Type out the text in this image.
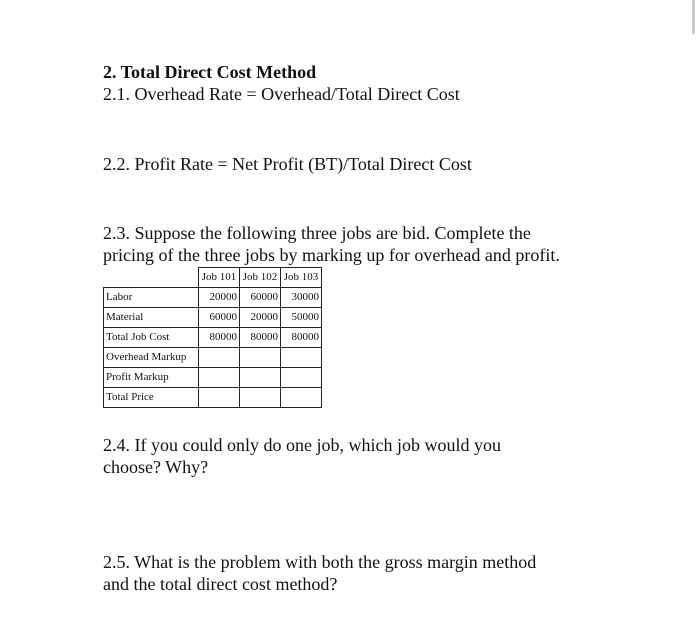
2. Total Direct Cost Method
2.1. Overhead Rate = Overhead/Total Direct Cost
2.2. Profit Rate = Net Profit (BT)/Total Direct Cost
2.3. Suppose the following three jobs are bid. Complete the
pricing of the three jobs by marking up for overhead and profit.
	Job 101	Job 102	Job 103
Labor	20000	60000	30000
Material	60000	20000	50000
Total Job Cost	80000	80000	80000
Overhead Markup			
Profit Markup			
Total Price			
2.4. If you could only do one job, which job would you
choose? Why?
2.5. What is the problem with both the gross margin method
and the total direct cost method?
